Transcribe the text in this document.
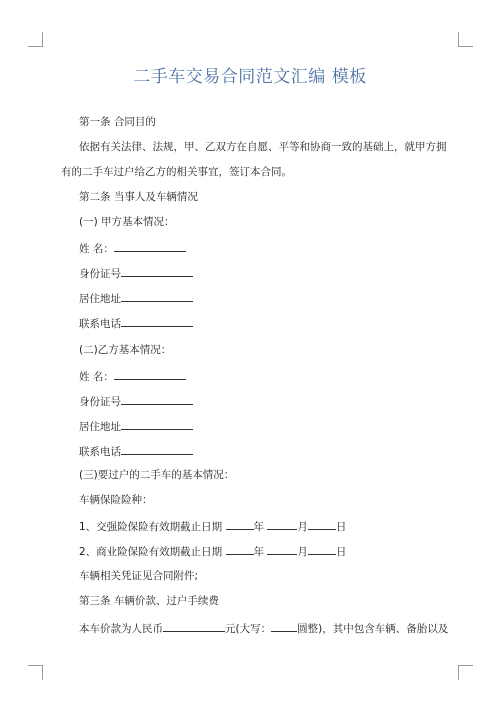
二手车交易合同范文汇编 模板
第一条 合同目的
依据有关法律、法规，甲、乙双方在自愿、平等和协商一致的基础上，就甲方拥
有的二手车过户给乙方的相关事宜，签订本合同。
第二条 当事人及车辆情况
(一) 甲方基本情况：
姓 名：
身份证号
居住地址
联系电话
(二)乙方基本情况：
姓 名：
身份证号
居住地址
联系电话
(三)要过户的二手车的基本情况：
车辆保险险种：
1、交强险保险有效期截止日期	年	月	日
2、商业险保险有效期截止日期	年	月	日
车辆相关凭证见合同附件;
第三条 车辆价款、过户手续费
本车价款为人民币	元(大写： 圆整)，其中包含车辆、备胎以及
